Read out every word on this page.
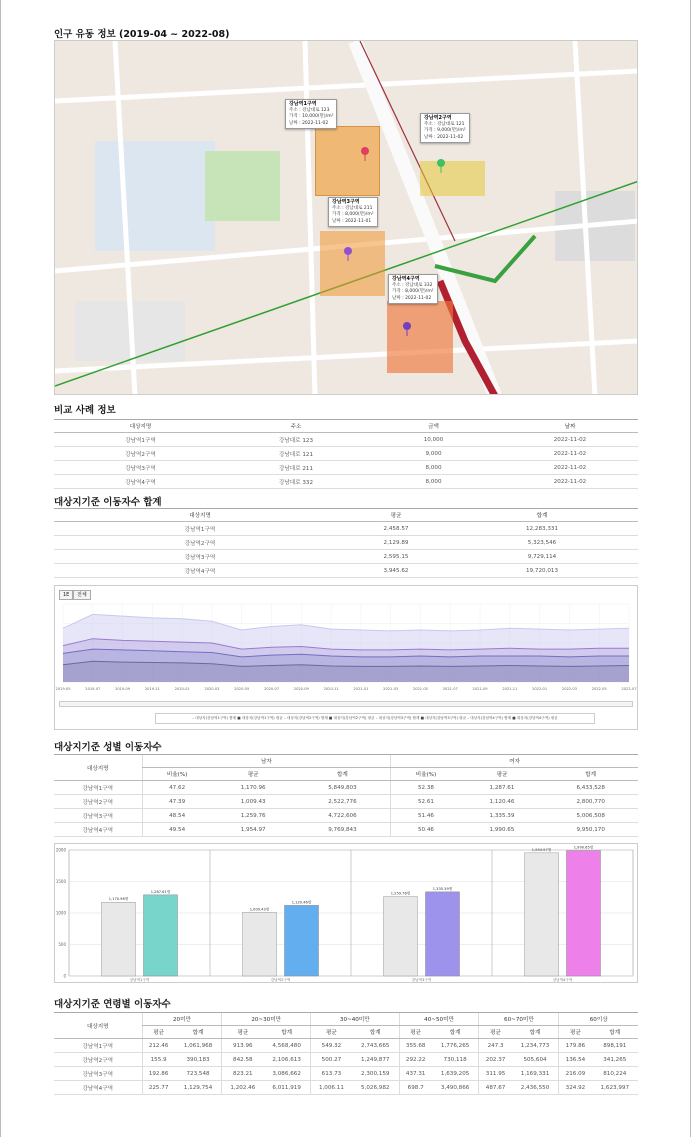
인구 유동 정보 (2019-04 ~ 2022-08)
강남역1구역
주소 : 강남대로 123
가격 : 10,000(만)/m²
날짜 : 2022-11-02
강남역2구역
주소 : 강남대로 121
가격 : 9,000(만)/m²
날짜 : 2022-11-02
강남역3구역
주소 : 강남대로 211
가격 : 8,000(만)/m²
날짜 : 2022-11-01
강남역4구역
주소 : 강남대로 332
가격 : 8,000(만)/m²
날짜 : 2022-11-02
비교 사례 정보
대상지명	주소	금액	날짜
강남역1구역	강남대로 123	10,000	2022-11-02
강남역2구역	강남대로 121	9,000	2022-11-02
강남역3구역	강남대로 211	8,000	2022-11-02
강남역4구역	강남대로 332	8,000	2022-11-02
대상지기준 이동자수 합계
대상지명	평균	합계
강남역1구역	2,458.57	12,283,331
강남역2구역	2,129.89	5,323,546
강남역3구역	2,595.15	9,729,114
강남역4구역	3,945.62	19,720,013
1E	전체
2019-05	2019-07	2019-09	2019-11	2020-01	2020-03	2020-05	2020-07	2020-09	2020-11	2021-01	2021-03	2021-05	2021-07	2021-09	2021-11	2022-01	2022-03	2022-05	2022-07
– 대상지(강남역1구역) 합계 ■ 대상지(강남역1구역) 평균 – 대상지(강남역2구역) 합계 ■ 대상지(강남역2구역) 평균 – 대상지(강남역3구역) 합계 ■ 대상지(강남역3구역) 평균 – 대상지(강남역4구역) 합계 ■ 대상지(강남역4구역) 평균
대상지기준 성별 이동자수
대상지명	남자			여자		
	비율(%)	평균	합계	비율(%)	평균	합계
강남역1구역	47.62	1,170.96	5,849,803	52.38	1,287.61	6,433,528
강남역2구역	47.39	1,009.43	2,522,776	52.61	1,120.46	2,800,770
강남역3구역	48.54	1,259.76	4,722,606	51.46	1,335.39	5,006,508
강남역4구역	49.54	1,954.97	9,769,843	50.46	1,990.65	9,950,170
0
500
1000
1500
2000
1,170.96명
1,287.61명
강남역1구역
1,009.43명
1,120.46명
강남역2구역
1,259.76명
1,335.39명
강남역3구역
1,954.97명
1,990.65명
강남역4구역
대상지기준 연령별 이동자수
대상지명	20미만		20~30미만		30~40미만		40~50미만		60~70미만		60이상	
	평균	합계	평균	합계	평균	합계	평균	합계	평균	합계	평균	합계
강남역1구역	212.46	1,061,968	913.96	4,568,480	549.32	2,743,665	355.68	1,776,265	247.3	1,234,773	179.86	898,191
강남역2구역	155.9	390,183	842.58	2,106,613	500.27	1,249,877	292.22	730,118	202.37	505,604	136.54	341,265
강남역3구역	192.86	723,548	823.21	3,086,662	613.73	2,300,159	437.31	1,639,205	311.95	1,169,331	216.09	810,224
강남역4구역	225.77	1,129,754	1,202.46	6,011,919	1,006.11	5,026,982	698.7	3,490,866	487.67	2,436,550	324.92	1,623,997
